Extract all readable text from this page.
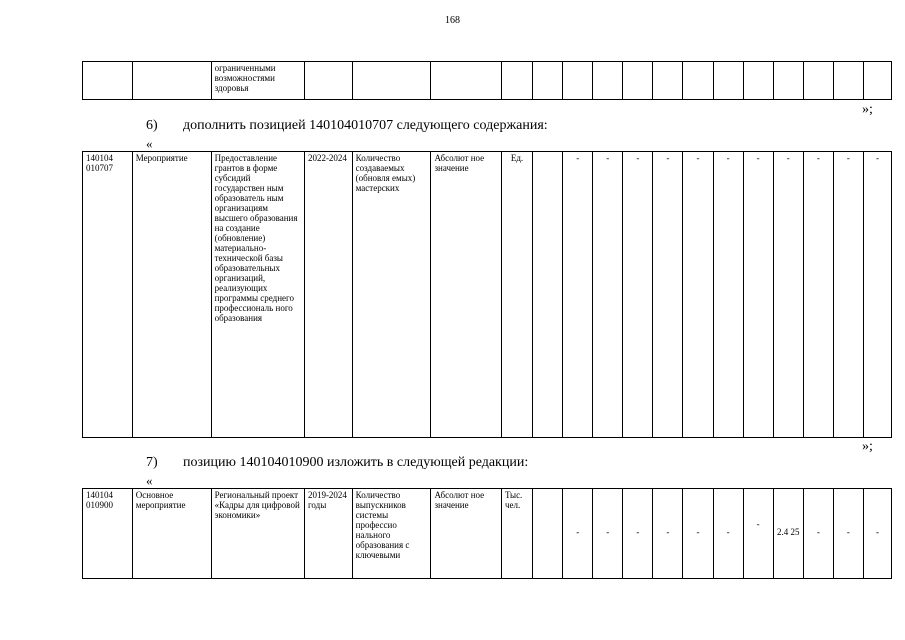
168
		ограниченными возможностями здоровья																
»;
6) дополнить позицией 140104010707 следующего содержания:
«
140104 010707	Мероприятие	Предоставление грантов в форме субсидий государствен ным образователь ным организациям высшего образования на создание (обновление) материально-технической базы образовательных организаций, реализующих программы среднего профессиональ ного образования	2022-2024	Количество создаваемых (обновля емых) мастерских	Абсолют ное значение	Ед.		-	-	-	-	-	-	-	-	-	-	-
»;
7) позицию 140104010900 изложить в следующей редакции:
«
140104 010900	Основное мероприятие	Региональный проект «Кадры для цифровой экономики»	2019-2024 годы	Количество выпускников системы профессио нального образования с ключевыми	Абсолют ное значение	Тыс. чел.		-	-	-	-	-	-	-	2.4 25	-	-	-
